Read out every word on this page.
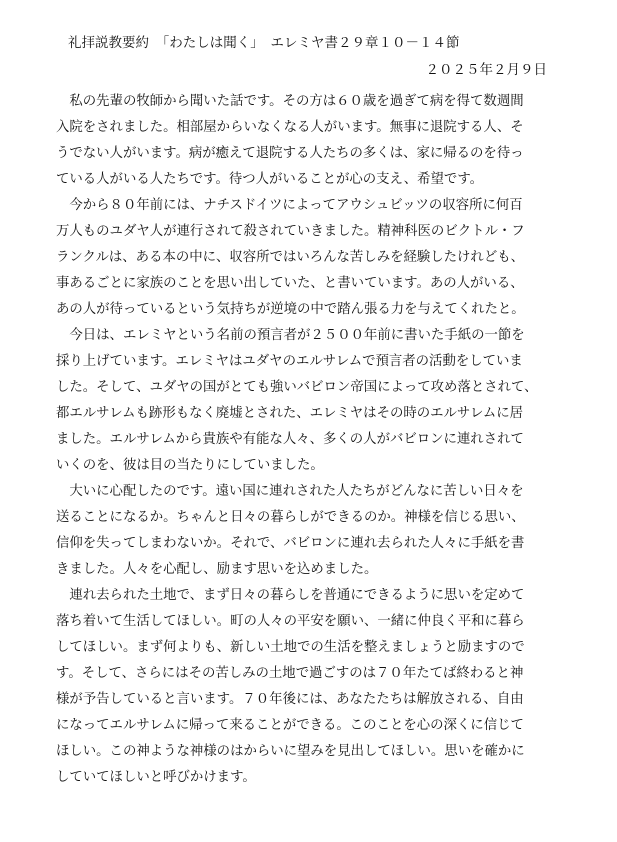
礼拝説教要約　「わたしは聞く」　エレミヤ書２９章１０－１４節
２０２５年２月９日
　私の先輩の牧師から聞いた話です。その方は６０歳を過ぎて病を得て数週間
入院をされました。相部屋からいなくなる人がいます。無事に退院する人、そ
うでない人がいます。病が癒えて退院する人たちの多くは、家に帰るのを待っ
ている人がいる人たちです。待つ人がいることが心の支え、希望です。
　今から８０年前には、ナチスドイツによってアウシュビッツの収容所に何百
万人ものユダヤ人が連行されて殺されていきました。精神科医のビクトル・フ
ランクルは、ある本の中に、収容所ではいろんな苦しみを経験したけれども、
事あるごとに家族のことを思い出していた、と書いています。あの人がいる、
あの人が待っているという気持ちが逆境の中で踏ん張る力を与えてくれたと。
　今日は、エレミヤという名前の預言者が２５００年前に書いた手紙の一節を
採り上げています。エレミヤはユダヤのエルサレムで預言者の活動をしていま
した。そして、ユダヤの国がとても強いバビロン帝国によって攻め落とされて、
都エルサレムも跡形もなく廃墟とされた、エレミヤはその時のエルサレムに居
ました。エルサレムから貴族や有能な人々、多くの人がバビロンに連れされて
いくのを、彼は目の当たりにしていました。
　大いに心配したのです。遠い国に連れされた人たちがどんなに苦しい日々を
送ることになるか。ちゃんと日々の暮らしができるのか。神様を信じる思い、
信仰を失ってしまわないか。それで、バビロンに連れ去られた人々に手紙を書
きました。人々を心配し、励ます思いを込めました。
　連れ去られた土地で、まず日々の暮らしを普通にできるように思いを定めて
落ち着いて生活してほしい。町の人々の平安を願い、一緒に仲良く平和に暮ら
してほしい。まず何よりも、新しい土地での生活を整えましょうと励ますので
す。そして、さらにはその苦しみの土地で過ごすのは７０年たてば終わると神
様が予告していると言います。７０年後には、あなたたちは解放される、自由
になってエルサレムに帰って来ることができる。このことを心の深くに信じて
ほしい。この神ような神様のはからいに望みを見出してほしい。思いを確かに
していてほしいと呼びかけます。
